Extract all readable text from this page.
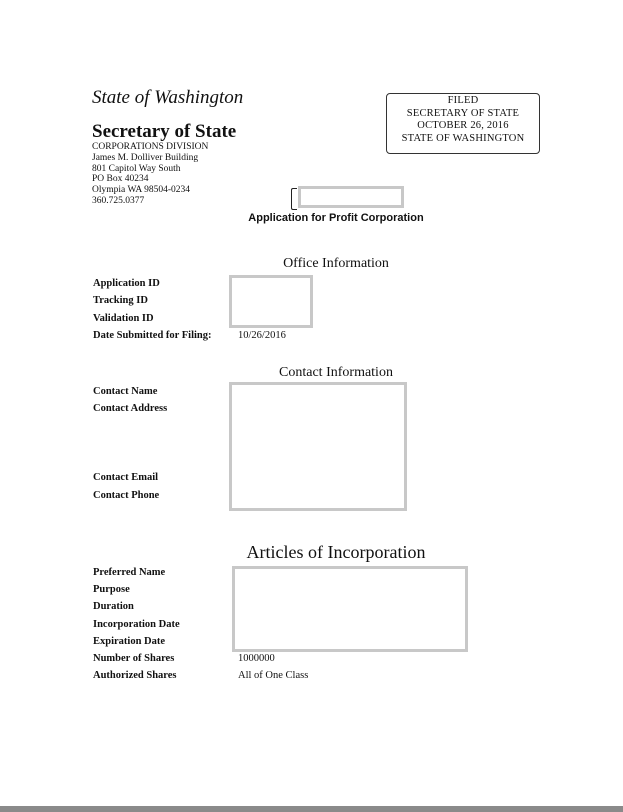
State of Washington
Secretary of State
CORPORATIONS DIVISION
James M. Dolliver Building
801 Capitol Way South
PO Box 40234
Olympia WA 98504-0234
360.725.0377
FILED
SECRETARY OF STATE
OCTOBER 26, 2016
STATE OF WASHINGTON
Application for Profit Corporation
Office Information
Application ID
Tracking ID
Validation ID
Date Submitted for Filing:	10/26/2016
Contact Information
Contact Name
Contact Address
Contact Email
Contact Phone
Articles of Incorporation
Preferred Name
Purpose
Duration
Incorporation Date
Expiration Date
Number of Shares
Authorized Shares
1000000
All of One Class
